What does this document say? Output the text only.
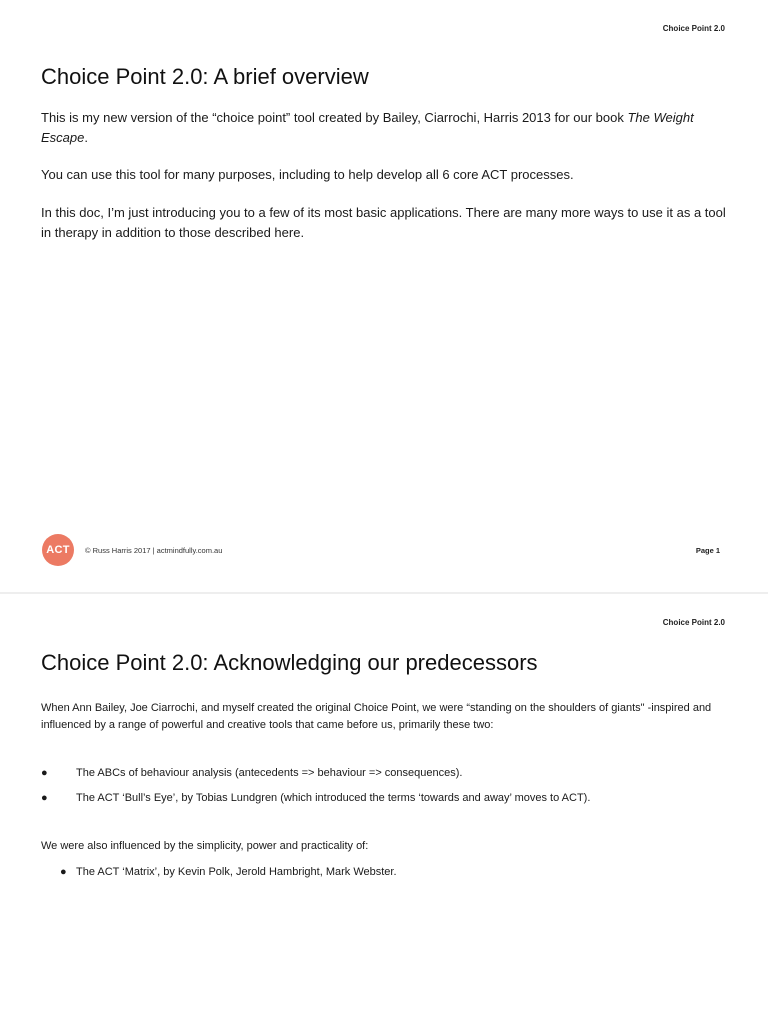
Choice Point 2.0
Choice Point 2.0: A brief overview

This is my new version of the “choice point” tool created by Bailey, Ciarrochi, Harris 2013 for our book The Weight Escape.

You can use this tool for many purposes, including to help develop all 6 core ACT processes.

In this doc, I’m just introducing you to a few of its most basic applications. There are many more ways to use it as a tool in therapy in addition to those described here.

ACT	© Russ Harris 2017 | actmindfully.com.au	Page 1
Choice Point 2.0
Choice Point 2.0: Acknowledging our predecessors

When Ann Bailey, Joe Ciarrochi, and myself created the original Choice Point, we were “standing on the shoulders of giants" -inspired and influenced by a range of powerful and creative tools that came before us, primarily these two:

●	The ABCs of behaviour analysis (antecedents => behaviour => consequences).
●	The ACT ‘Bull’s Eye’, by Tobias Lundgren (which introduced the terms ‘towards and away’ moves to ACT).

We were also influenced by the simplicity, power and practicality of:

● The ACT ‘Matrix’, by Kevin Polk, Jerold Hambright, Mark Webster.
